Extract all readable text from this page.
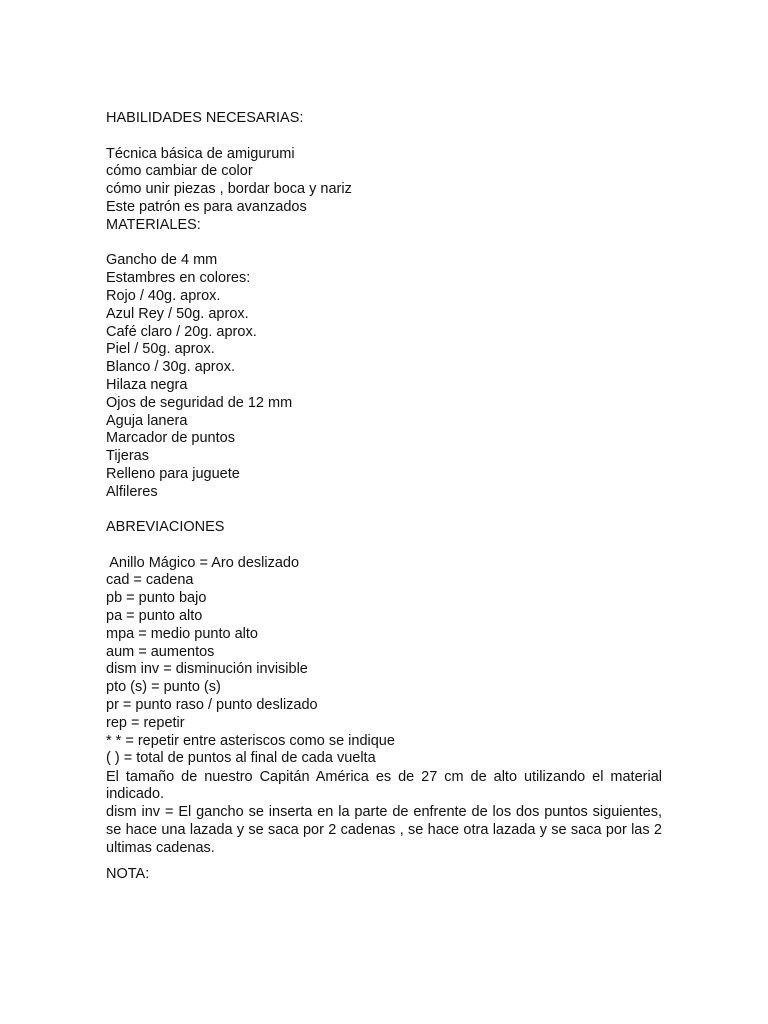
HABILIDADES NECESARIAS:
Técnica básica de amigurumi
cómo cambiar de color
cómo unir piezas , bordar boca y nariz
Este patrón es para avanzados
MATERIALES:
Gancho de 4 mm
Estambres en colores:
Rojo / 40g. aprox.
Azul Rey / 50g. aprox.
Café claro / 20g. aprox.
Piel / 50g. aprox.
Blanco / 30g. aprox.
Hilaza negra
Ojos de seguridad de 12 mm
Aguja lanera
Marcador de puntos
Tijeras
Relleno para juguete
Alfileres
ABREVIACIONES
Anillo Mágico = Aro deslizado
cad = cadena
pb = punto bajo
pa = punto alto
mpa = medio punto alto
aum = aumentos
dism inv = disminución invisible
pto (s) = punto (s)
pr = punto raso / punto deslizado
rep = repetir
* * = repetir entre asteriscos como se indique
( ) = total de puntos al final de cada vuelta
El tamaño de nuestro Capitán América es de 27 cm de alto utilizando el material indicado.
dism inv = El gancho se inserta en la parte de enfrente de los dos puntos siguientes, se hace una lazada y se saca por 2 cadenas , se hace otra lazada y se saca por las 2 ultimas cadenas.
NOTA:
